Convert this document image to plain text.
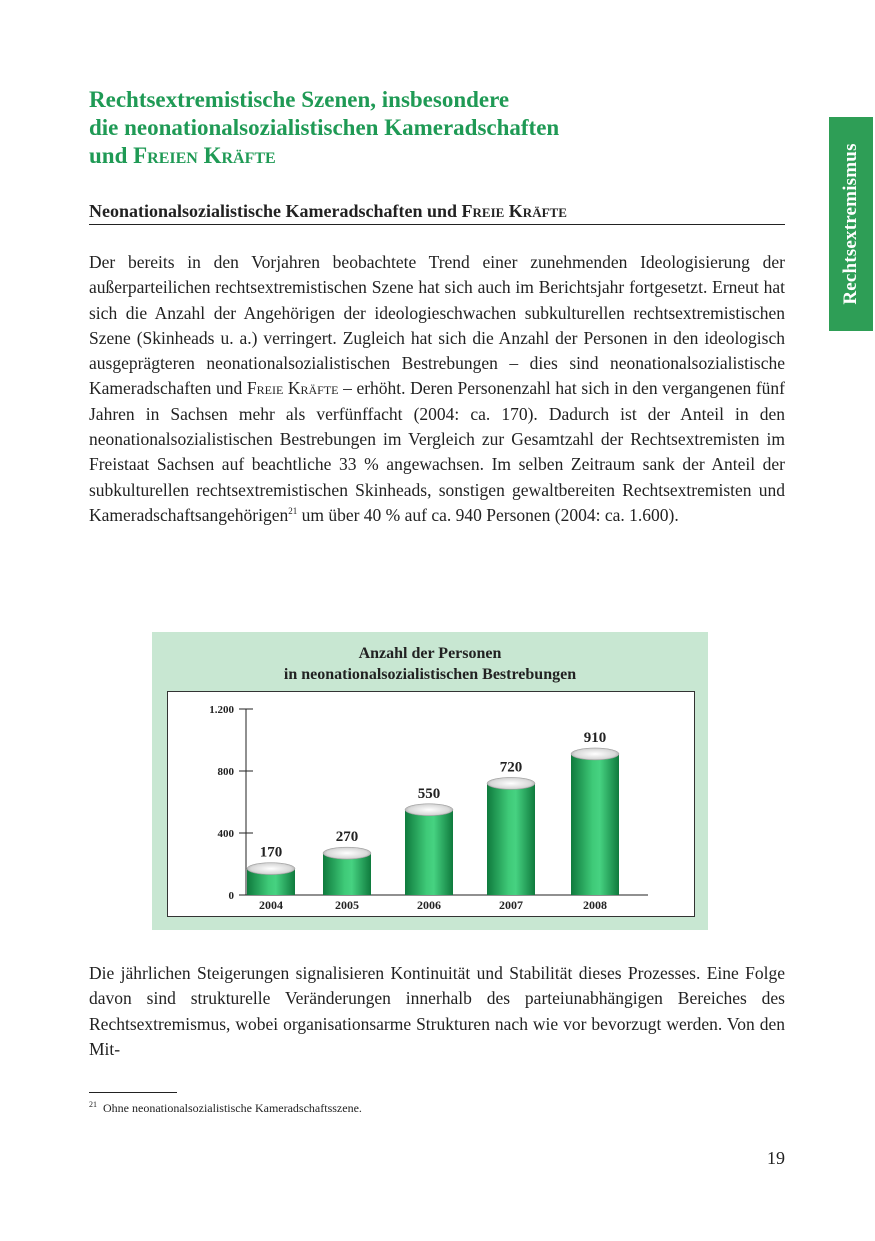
Rechtsextremismus
Rechtsextremistische Szenen, insbesondere
die neonationalsozialistischen Kameradschaften
und Freien Kräfte
Neonationalsozialistische Kameradschaften und Freie Kräfte

Der bereits in den Vorjahren beobachtete Trend einer zunehmenden Ideologisierung der außerparteilichen rechtsextremistischen Szene hat sich auch im Berichtsjahr fortgesetzt. Erneut hat sich die Anzahl der Angehörigen der ideologieschwachen subkulturellen rechtsextremistischen Szene (Skinheads u. a.) verringert. Zugleich hat sich die Anzahl der Personen in den ideologisch ausgeprägteren neonationalsozialistischen Bestrebungen – dies sind neonationalsozialistische Kameradschaften und Freie Kräfte – erhöht. Deren Personenzahl hat sich in den vergangenen fünf Jahren in Sachsen mehr als verfünffacht (2004: ca. 170). Dadurch ist der Anteil in den neonationalsozialistischen Bestrebungen im Vergleich zur Gesamtzahl der Rechtsextremisten im Freistaat Sachsen auf beachtliche 33 % angewachsen. Im selben Zeitraum sank der Anteil der subkulturellen rechtsextremistischen Skinheads, sonstigen gewaltbereiten Rechtsextremisten und Kameradschaftsangehörigen$^{21}$ um über 40 % auf ca. 940 Personen (2004: ca. 1.600).

Anzahl der Personen
in neonationalsozialistischen Bestrebungen
0
400
800
1.200
170
2004
270
2005
550
2006
720
2007
910
2008

Die jährlichen Steigerungen signalisieren Kontinuität und Stabilität dieses Prozesses. Eine Folge davon sind strukturelle Veränderungen innerhalb des parteiunabhängigen Bereiches des Rechtsextremismus, wobei organisationsarme Strukturen nach wie vor bevorzugt werden. Von den Mit-

$^{21}$ Ohne neonationalsozialistische Kameradschaftsszene.
19
